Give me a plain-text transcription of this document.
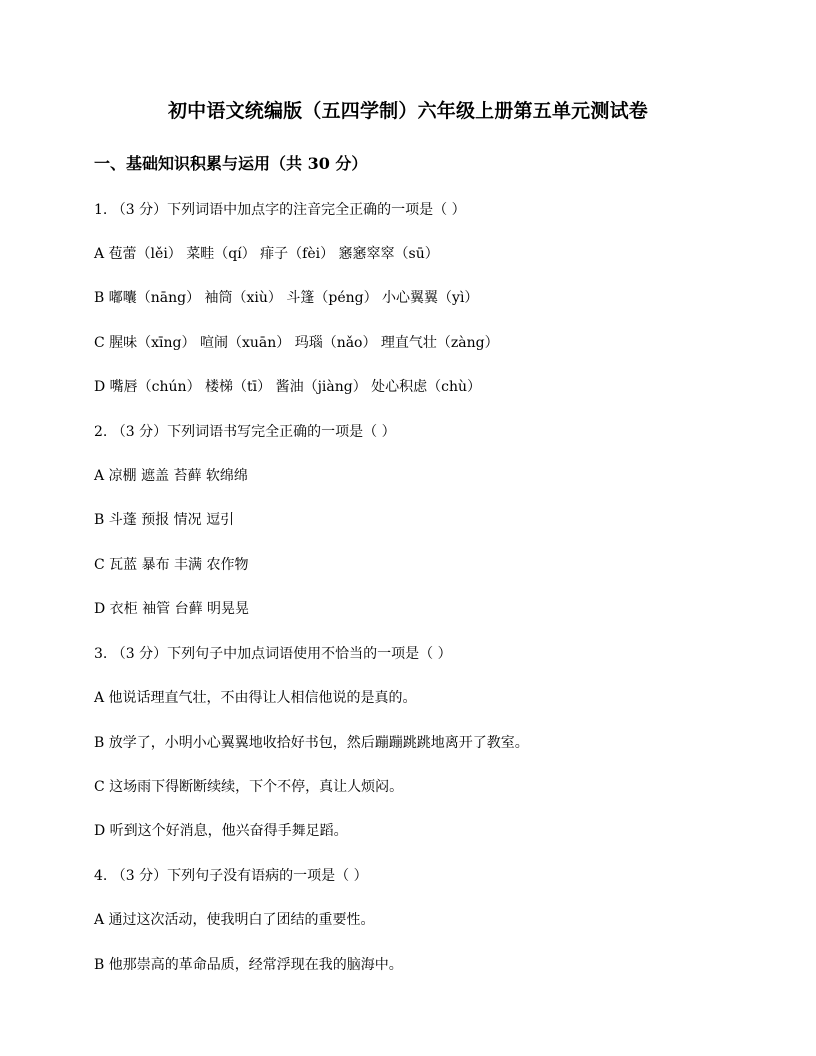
初中语文统编版（五四学制）六年级上册第五单元测试卷
一、基础知识积累与运用（共 30 分）
1. （3 分）下列词语中加点字的注音完全正确的一项是（ ）
A 苞蕾（lěi） 菜畦（qí） 痱子（fèi） 窸窸窣窣（sū）
B 嘟囔（nāng） 袖筒（xiù） 斗篷（péng） 小心翼翼（yì）
C 腥味（xīng） 喧闹（xuān） 玛瑙（nǎo） 理直气壮（zàng）
D 嘴唇（chún） 楼梯（tī） 酱油（jiàng） 处心积虑（chù）
2. （3 分）下列词语书写完全正确的一项是（ ）
A 凉棚 遮盖 苔藓 软绵绵
B 斗蓬 预报 情况 逗引
C 瓦蓝 暴布 丰满 农作物
D 衣柜 袖管 台藓 明晃晃
3. （3 分）下列句子中加点词语使用不恰当的一项是（ ）
A 他说话理直气壮，不由得让人相信他说的是真的。
B 放学了，小明小心翼翼地收拾好书包，然后蹦蹦跳跳地离开了教室。
C 这场雨下得断断续续，下个不停，真让人烦闷。
D 听到这个好消息，他兴奋得手舞足蹈。
4. （3 分）下列句子没有语病的一项是（ ）
A 通过这次活动，使我明白了团结的重要性。
B 他那崇高的革命品质，经常浮现在我的脑海中。
